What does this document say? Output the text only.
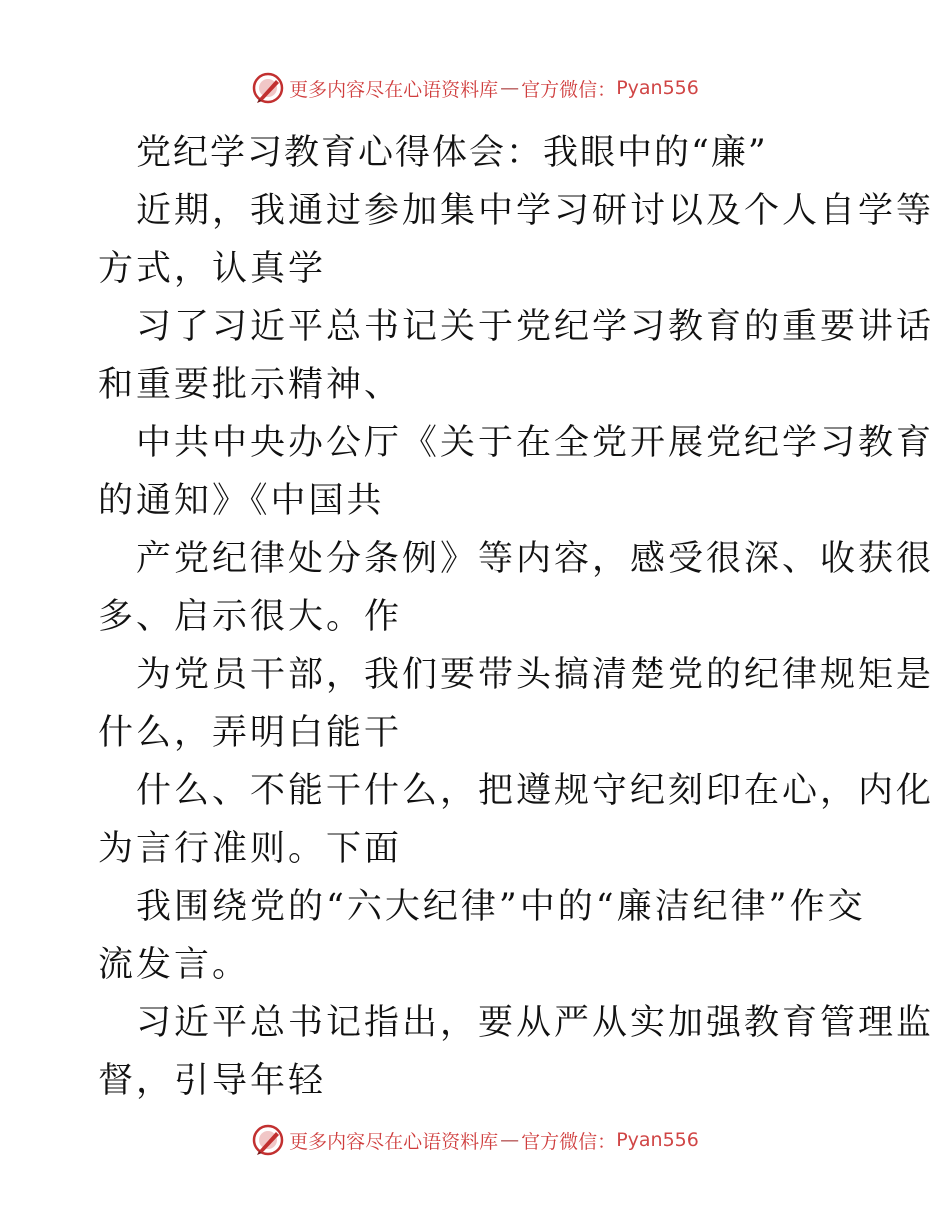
更多内容尽在心语资料库 — 官方微信： Pyan556
党纪学习教育心得体会：我眼中的“廉”
近期，我通过参加集中学习研讨以及个人自学等
方式，认真学
习了习近平总书记关于党纪学习教育的重要讲话
和重要批示精神、
中共中央办公厅《关于在全党开展党纪学习教育
的通知》《中国共
产党纪律处分条例》等内容，感受很深、收获很
多、启示很大。作
为党员干部，我们要带头搞清楚党的纪律规矩是
什么，弄明白能干
什么、不能干什么，把遵规守纪刻印在心，内化
为言行准则。下面
我围绕党的“六大纪律”中的“廉洁纪律”作交
流发言。
习近平总书记指出，要从严从实加强教育管理监
督，引导年轻
更多内容尽在心语资料库 — 官方微信： Pyan556
